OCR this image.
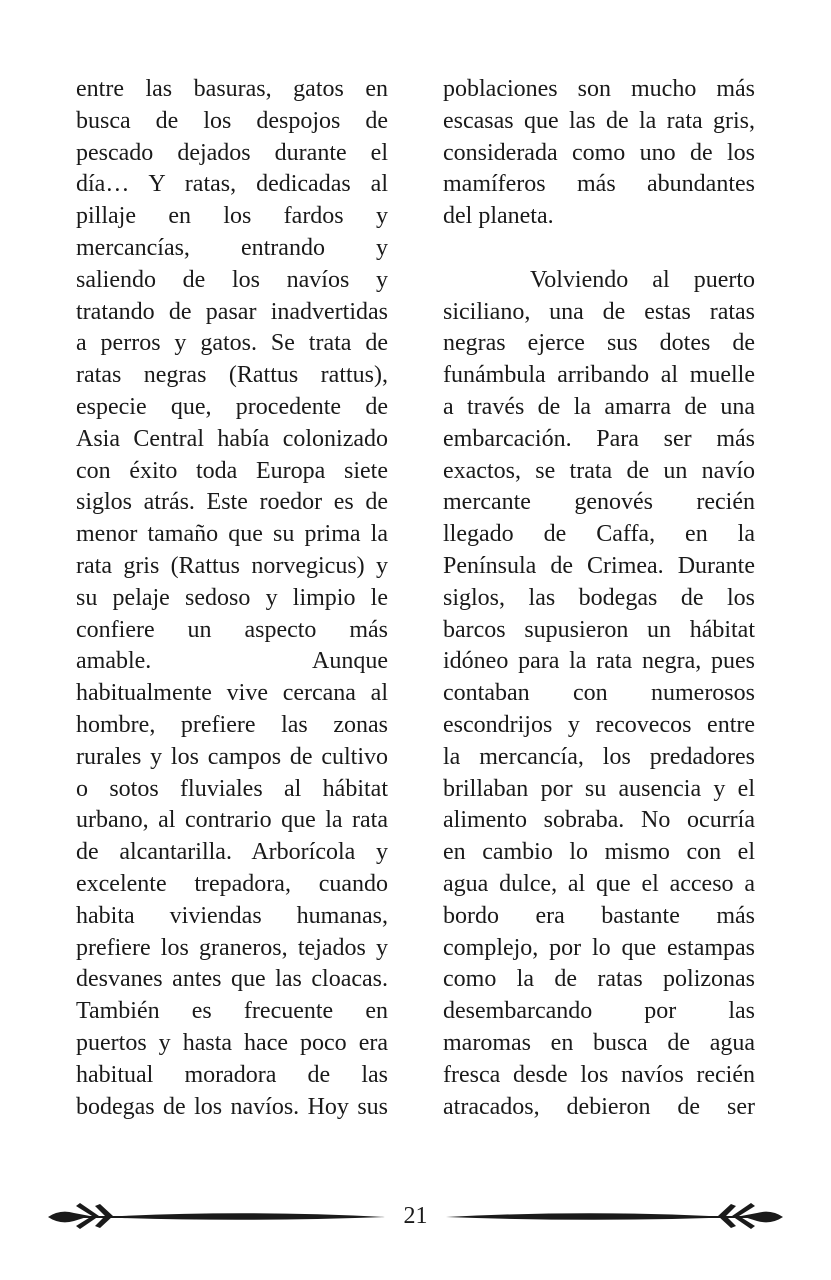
entre las basuras, gatos en
busca de los despojos de
pescado dejados durante el
día… Y ratas, dedicadas al
pillaje en los fardos y
mercancías, entrando y
saliendo de los navíos y
tratando de pasar inadvertidas
a perros y gatos. Se trata de
ratas negras (Rattus rattus),
especie que, procedente de
Asia Central había colonizado
con éxito toda Europa siete
siglos atrás. Este roedor es de
menor tamaño que su prima la
rata gris (Rattus norvegicus) y
su pelaje sedoso y limpio le
confiere un aspecto más
amable. Aunque
habitualmente vive cercana al
hombre, prefiere las zonas
rurales y los campos de cultivo
o sotos fluviales al hábitat
urbano, al contrario que la rata
de alcantarilla. Arborícola y
excelente trepadora, cuando
habita viviendas humanas,
prefiere los graneros, tejados y
desvanes antes que las cloacas.
También es frecuente en
puertos y hasta hace poco era
habitual moradora de las
bodegas de los navíos. Hoy sus
poblaciones son mucho más
escasas que las de la rata gris,
considerada como uno de los
mamíferos más abundantes
del planeta.
Volviendo al puerto
siciliano, una de estas ratas
negras ejerce sus dotes de
funámbula arribando al muelle
a través de la amarra de una
embarcación. Para ser más
exactos, se trata de un navío
mercante genovés recién
llegado de Caffa, en la
Península de Crimea. Durante
siglos, las bodegas de los
barcos supusieron un hábitat
idóneo para la rata negra, pues
contaban con numerosos
escondrijos y recovecos entre
la mercancía, los predadores
brillaban por su ausencia y el
alimento sobraba. No ocurría
en cambio lo mismo con el
agua dulce, al que el acceso a
bordo era bastante más
complejo, por lo que estampas
como la de ratas polizonas
desembarcando por las
maromas en busca de agua
fresca desde los navíos recién
atracados, debieron de ser
21
